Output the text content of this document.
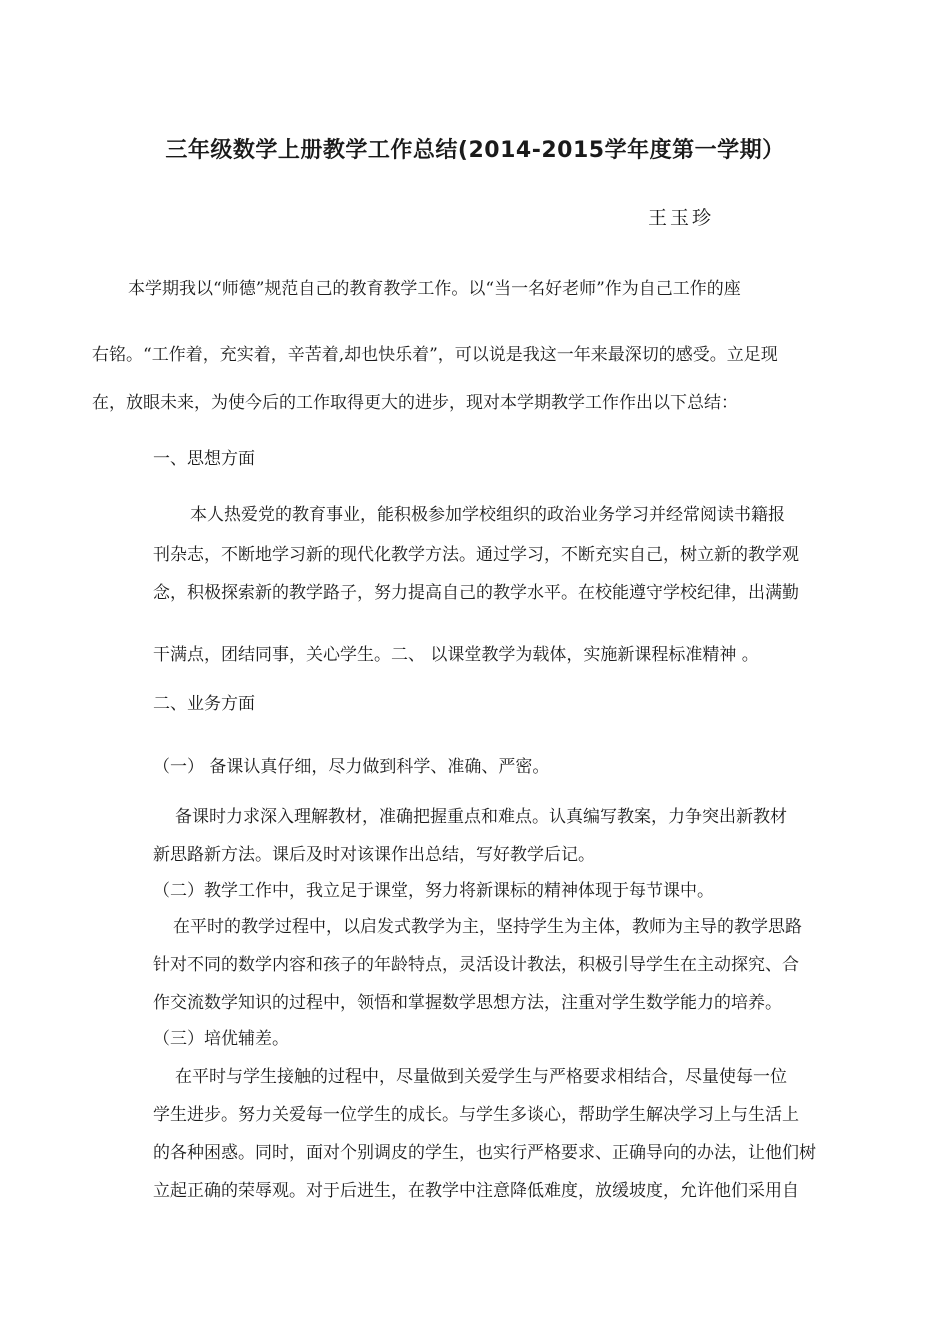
三年级数学上册教学工作总结(2014-2015学年度第一学期）
王玉珍
本学期我以“师德”规范自己的教育教学工作。以“当一名好老师”作为自己工作的座
右铭。“工作着，充实着，辛苦着,却也快乐着”，可以说是我这一年来最深切的感受。立足现
在，放眼未来，为使今后的工作取得更大的进步，现对本学期教学工作作出以下总结：
一、思想方面
本人热爱党的教育事业，能积极参加学校组织的政治业务学习并经常阅读书籍报
刊杂志，不断地学习新的现代化教学方法。通过学习，不断充实自己，树立新的教学观
念，积极探索新的教学路子，努力提高自己的教学水平。在校能遵守学校纪律，出满勤
干满点，团结同事，关心学生。二、 以课堂教学为载体，实施新课程标准精神 。
二、业务方面
（一） 备课认真仔细，尽力做到科学、准确、严密。
备课时力求深入理解教材，准确把握重点和难点。认真编写教案，力争突出新教材
新思路新方法。课后及时对该课作出总结，写好教学后记。
（二）教学工作中，我立足于课堂，努力将新课标的精神体现于每节课中。
在平时的教学过程中，以启发式教学为主，坚持学生为主体，教师为主导的教学思路
针对不同的数学内容和孩子的年龄特点，灵活设计教法，积极引导学生在主动探究、合
作交流数学知识的过程中，领悟和掌握数学思想方法，注重对学生数学能力的培养。
（三）培优辅差。
在平时与学生接触的过程中，尽量做到关爱学生与严格要求相结合，尽量使每一位
学生进步。努力关爱每一位学生的成长。与学生多谈心，帮助学生解决学习上与生活上
的各种困惑。同时，面对个别调皮的学生，也实行严格要求、正确导向的办法，让他们树
立起正确的荣辱观。对于后进生，在教学中注意降低难度，放缓坡度，允许他们采用自
